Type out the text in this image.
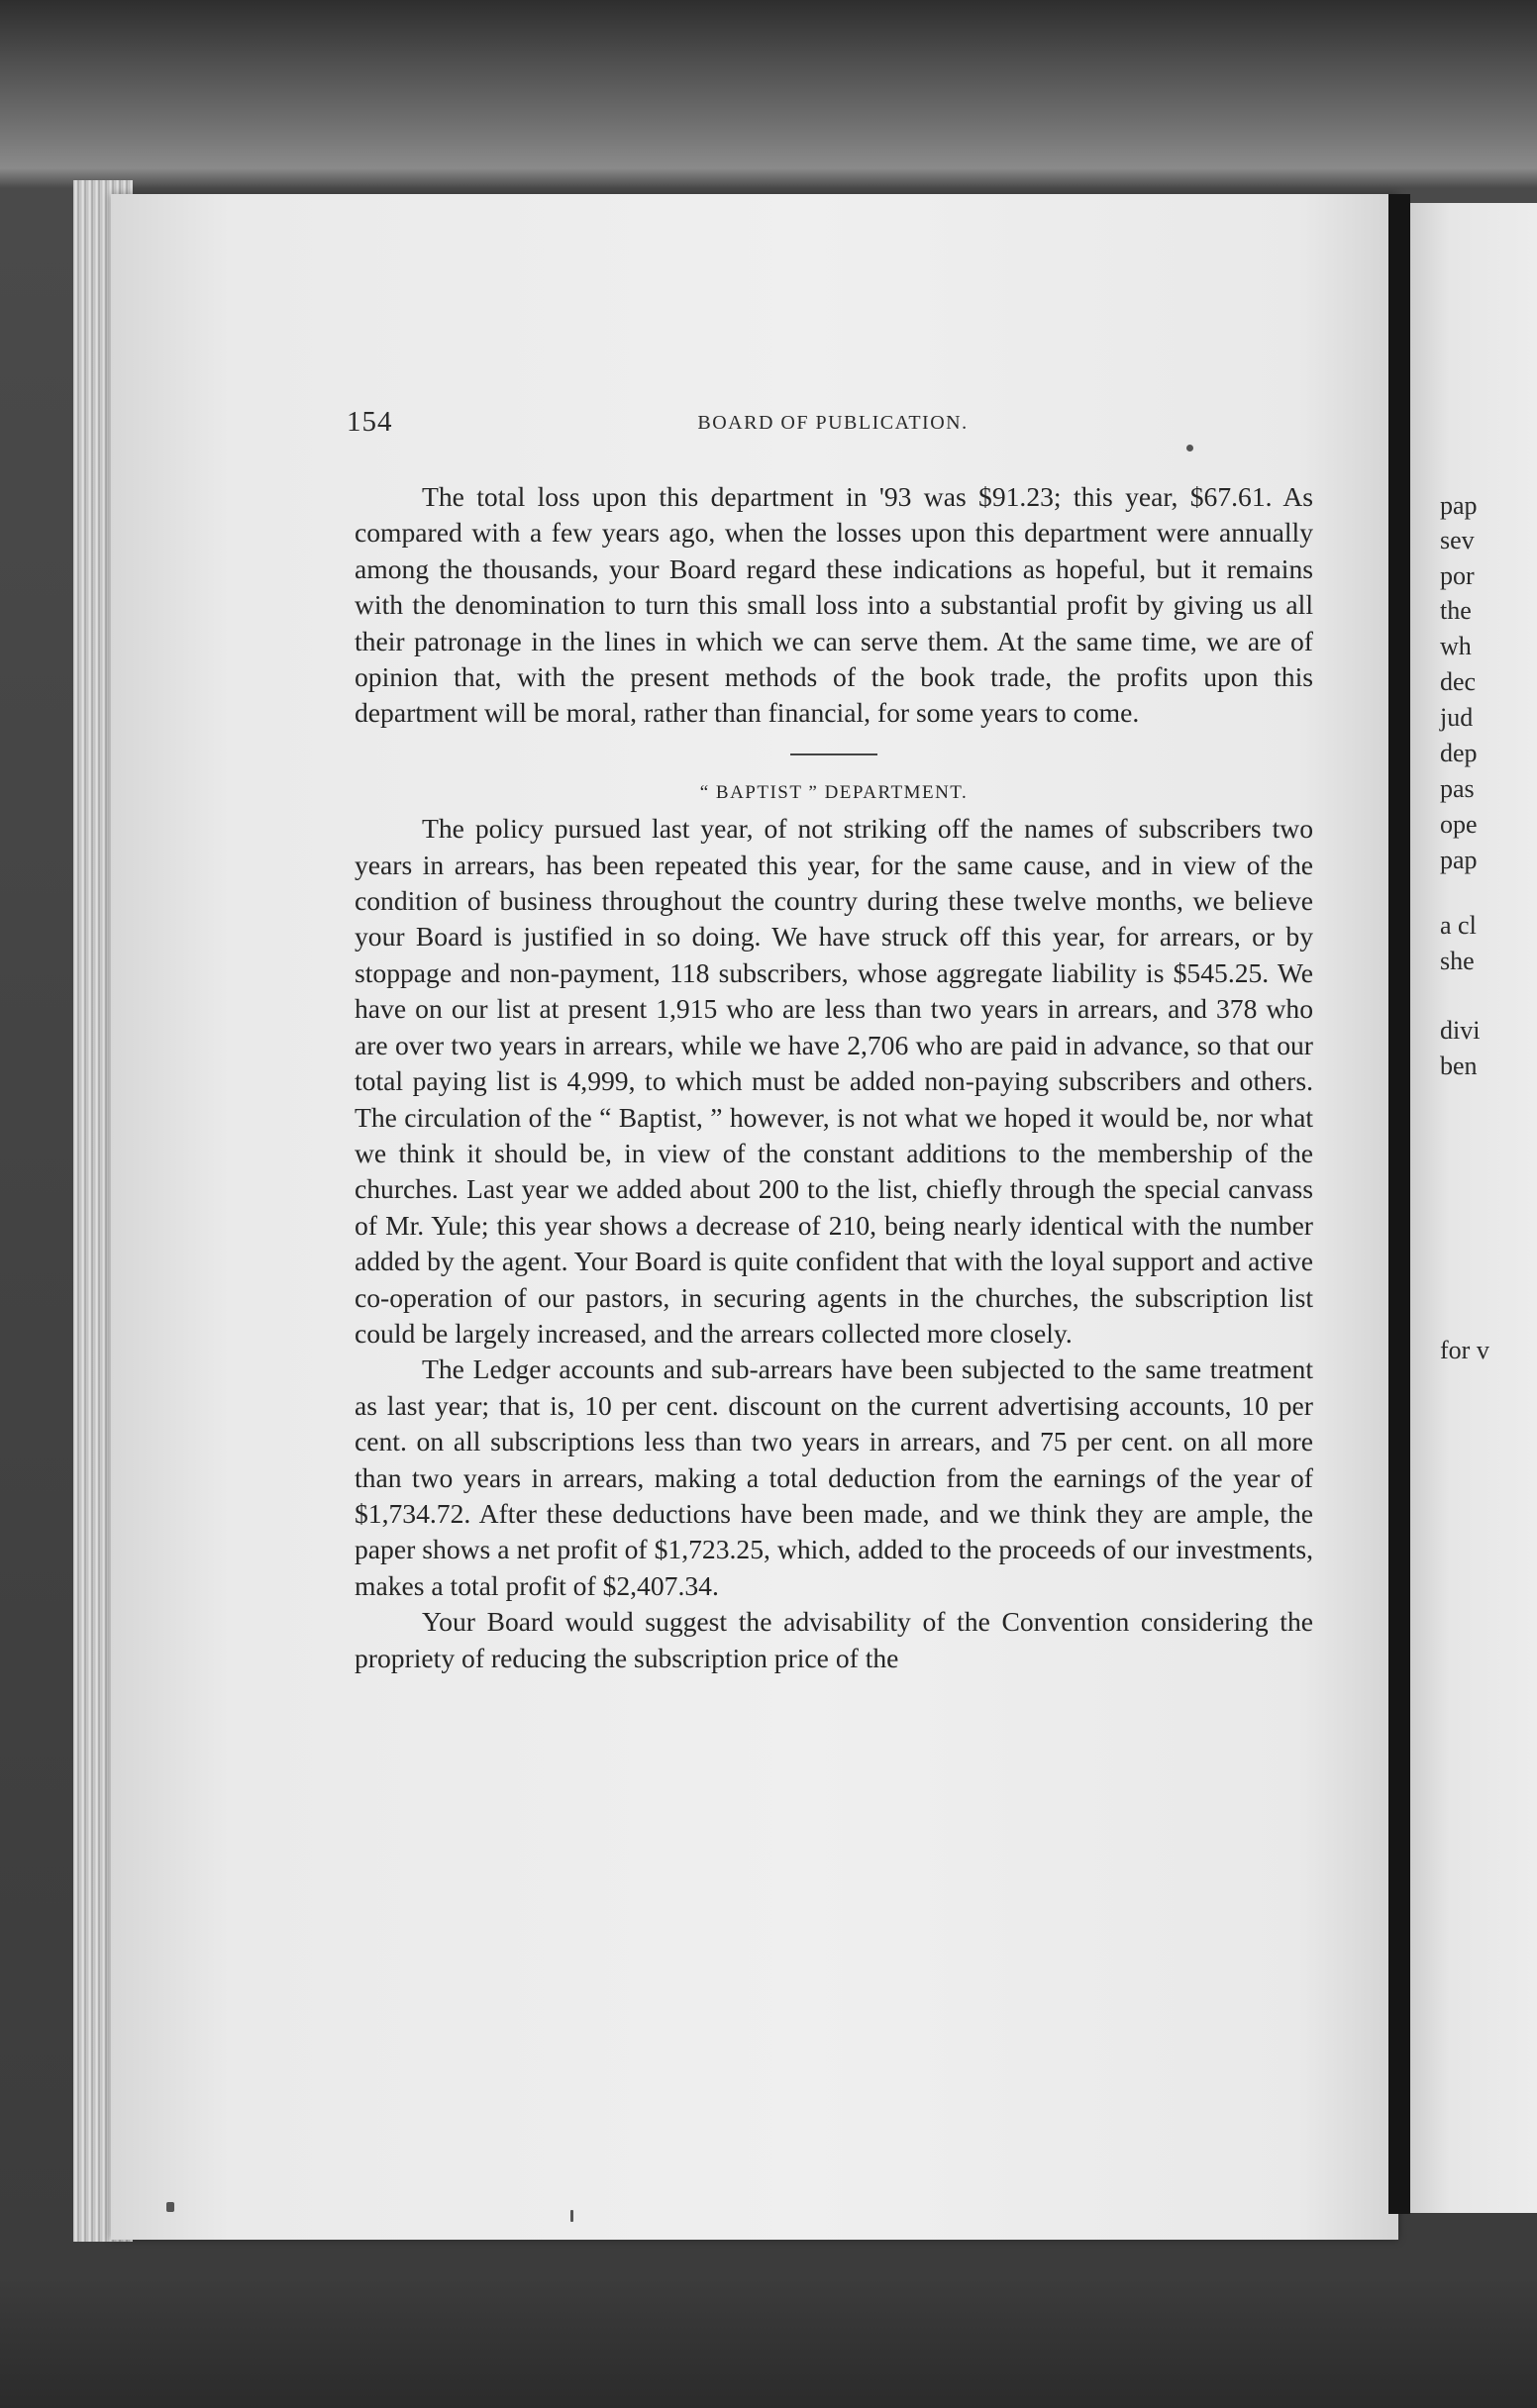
154	BOARD OF PUBLICATION.

The total loss upon this department in '93 was $91.23; this year, $67.61. As compared with a few years ago, when the losses upon this department were annually among the thousands, your Board regard these indications as hopeful, but it remains with the denomination to turn this small loss into a substantial profit by giving us all their patronage in the lines in which we can serve them. At the same time, we are of opinion that, with the present methods of the book trade, the profits upon this department will be moral, rather than financial, for some years to come.

“ BAPTIST ” DEPARTMENT.

The policy pursued last year, of not striking off the names of subscribers two years in arrears, has been repeated this year, for the same cause, and in view of the condition of business throughout the country during these twelve months, we believe your Board is justified in so doing. We have struck off this year, for arrears, or by stoppage and non-payment, 118 subscribers, whose aggregate liability is $545.25. We have on our list at present 1,915 who are less than two years in arrears, and 378 who are over two years in arrears, while we have 2,706 who are paid in advance, so that our total paying list is 4,999, to which must be added non-paying subscribers and others. The circulation of the “ Baptist, ” however, is not what we hoped it would be, nor what we think it should be, in view of the constant additions to the membership of the churches. Last year we added about 200 to the list, chiefly through the special canvass of Mr. Yule; this year shows a decrease of 210, being nearly identical with the number added by the agent. Your Board is quite confident that with the loyal support and active co-operation of our pastors, in securing agents in the churches, the subscription list could be largely increased, and the arrears collected more closely.

The Ledger accounts and sub-arrears have been subjected to the same treatment as last year; that is, 10 per cent. discount on the current advertising accounts, 10 per cent. on all subscriptions less than two years in arrears, and 75 per cent. on all more than two years in arrears, making a total deduction from the earnings of the year of $1,734.72. After these deductions have been made, and we think they are ample, the paper shows a net profit of $1,723.25, which, added to the proceeds of our investments, makes a total profit of $2,407.34.

Your Board would suggest the advisability of the Convention considering the propriety of reducing the subscription price of the

pap

sev

por

the

wh

dec

jud

dep

pas

ope

pap

a cl

she

divi

ben

for v
